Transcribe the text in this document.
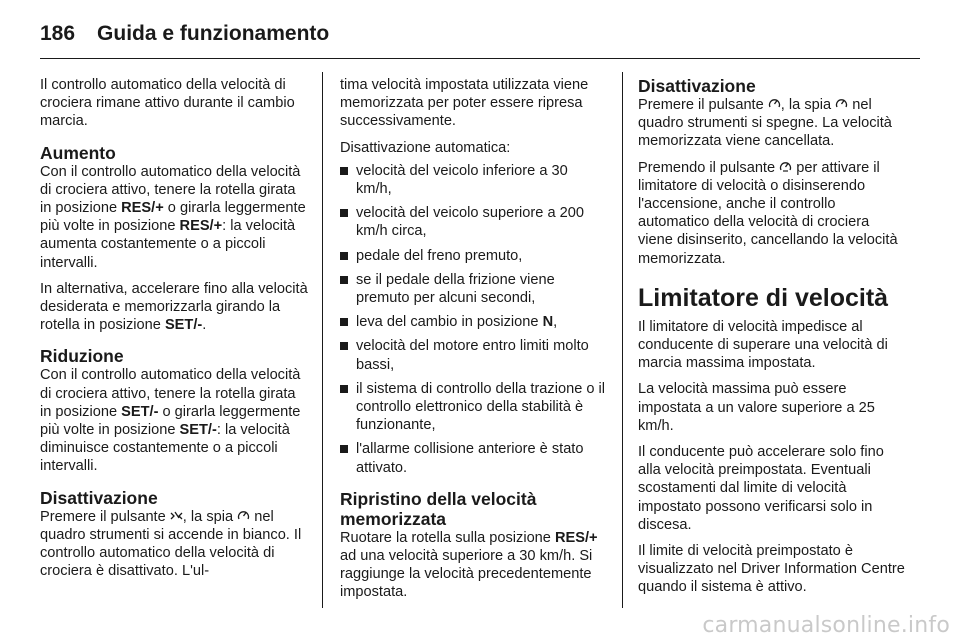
186 Guida e funzionamento

Il controllo automatico della velocità di crociera rimane attivo durante il cambio marcia.

Aumento

Con il controllo automatico della velocità di crociera attivo, tenere la rotella girata in posizione RES/+ o girarla leggermente più volte in posizione RES/+: la velocità aumenta costantemente o a piccoli intervalli.

In alternativa, accelerare fino alla velocità desiderata e memorizzarla girando la rotella in posizione SET/-.

Riduzione

Con il controllo automatico della velocità di crociera attivo, tenere la rotella girata in posizione SET/- o girarla leggermente più volte in posizione SET/-: la velocità diminuisce costantemente o a piccoli intervalli.

Disattivazione

Premere il pulsante , la spia  nel quadro strumenti si accende in bianco. Il controllo automatico della velocità di crociera è disattivato. L'ul-

tima velocità impostata utilizzata viene memorizzata per poter essere ripresa successivamente.

Disattivazione automatica:

velocità del veicolo inferiore a 30 km/h,
velocità del veicolo superiore a 200 km/h circa,
pedale del freno premuto,
se il pedale della frizione viene premuto per alcuni secondi,
leva del cambio in posizione N,
velocità del motore entro limiti molto bassi,
il sistema di controllo della trazione o il controllo elettronico della stabilità è funzionante,
l'allarme collisione anteriore è stato attivato.
Ripristino della velocità memorizzata

Ruotare la rotella sulla posizione RES/+ ad una velocità superiore a 30 km/h. Si raggiunge la velocità precedentemente impostata.

Disattivazione

Premere il pulsante , la spia  nel quadro strumenti si spegne. La velocità memorizzata viene cancellata.

Premendo il pulsante  per attivare il limitatore di velocità o disinserendo l'accensione, anche il controllo automatico della velocità di crociera viene disinserito, cancellando la velocità memorizzata.

Limitatore di velocità

Il limitatore di velocità impedisce al conducente di superare una velocità di marcia massima impostata.

La velocità massima può essere impostata a un valore superiore a 25 km/h.

Il conducente può accelerare solo fino alla velocità preimpostata. Eventuali scostamenti dal limite di velocità impostato possono verificarsi solo in discesa.

Il limite di velocità preimpostato è visualizzato nel Driver Information Centre quando il sistema è attivo.

carmanualsonline.info
